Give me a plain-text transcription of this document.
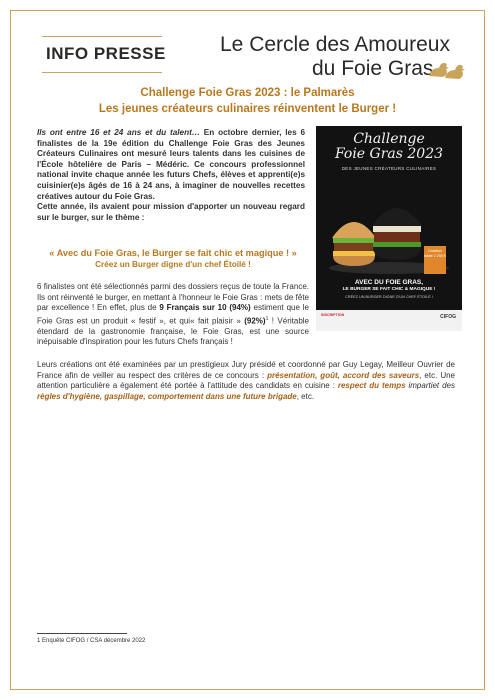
INFO PRESSE	Le Cercle des Amoureux
du Foie Gras
Challenge Foie Gras 2023 : le Palmarès
Les jeunes créateurs culinaires réinventent le Burger !
Ils ont entre 16 et 24 ans et du talent… En octobre dernier, les 6 finalistes de la 19e édition du Challenge Foie Gras des Jeunes Créateurs Culinaires ont mesuré leurs talents dans les cuisines de l'École hôtelière de Paris – Médéric. Ce concours professionnel national invite chaque année les futurs Chefs, élèves et apprenti(e)s cuisinier(e)s âgés de 16 à 24 ans, à imaginer de nouvelles recettes créatives autour du Foie Gras.
Cette année, ils avaient pour mission d'apporter un nouveau regard sur le burger, sur le thème :
« Avec du Foie Gras, le Burger se fait chic et magique ! »
Créez un Burger digne d'un chef Étoilé !
Challenge
Foie Gras 2023
DES JEUNES CRÉATEURS CULINAIRES
Dotation totale 2 200 €
AVEC DU FOIE GRAS,
LE BURGER SE FAIT CHIC & MAGIQUE !
CRÉEZ UN BURGER DIGNE D'UN CHEF ÉTOILÉ !
INSCRIPTION	CIFOG
6 finalistes ont été sélectionnés parmi des dossiers reçus de toute la France. Ils ont réinventé le burger, en mettant à l'honneur le Foie Gras : mets de fête par excellence ! En effet, plus de 9 Français sur 10 (94%) estiment que le Foie Gras est un produit « festif », et qui« fait plaisir » $(92\%)^1$ ! Véritable étendard de la gastronomie française, le Foie Gras, est une source inépuisable d'inspiration pour les futurs Chefs français !
Leurs créations ont été examinées par un prestigieux Jury présidé et coordonné par Guy Legay, Meilleur Ouvrier de France afin de veiller au respect des critères de ce concours : présentation, goût, accord des saveurs, etc. Une attention particulière a également été portée à l'attitude des candidats en cuisine : respect du temps impartiet des règles d'hygiène, gaspillage, comportement dans une future brigade, etc.
1 Enquête CIFOG / CSA décembre 2022
